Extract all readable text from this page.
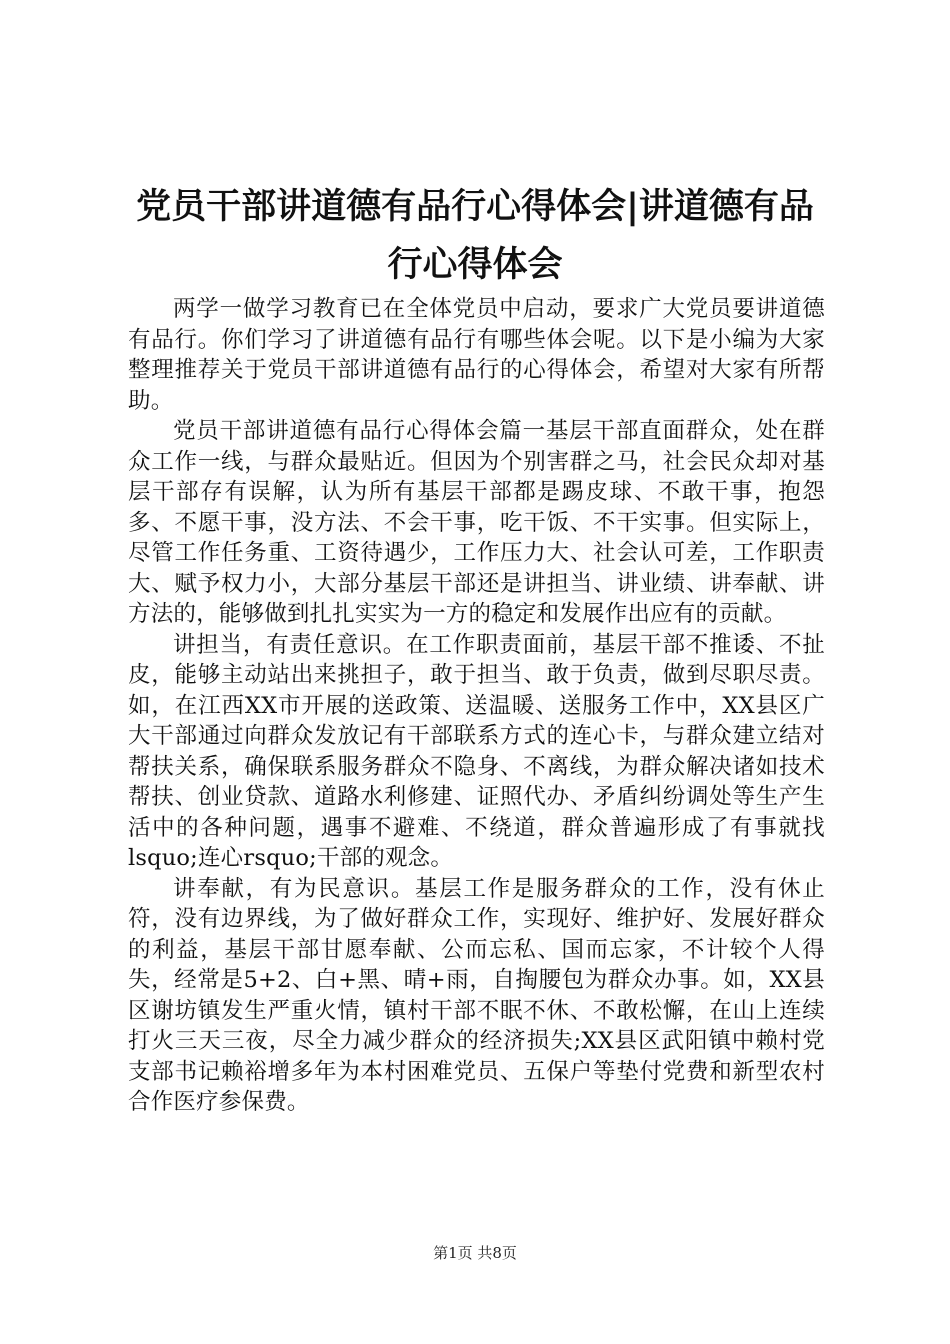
党员干部讲道德有品行心得体会|讲道德有品行心得体会

两学一做学习教育已在全体党员中启动，要求广大党员要讲道德有品行。你们学习了讲道德有品行有哪些体会呢。以下是小编为大家整理推荐关于党员干部讲道德有品行的心得体会，希望对大家有所帮助。

党员干部讲道德有品行心得体会篇一基层干部直面群众，处在群众工作一线，与群众最贴近。但因为个别害群之马，社会民众却对基层干部存有误解，认为所有基层干部都是踢皮球、不敢干事，抱怨多、不愿干事，没方法、不会干事，吃干饭、不干实事。但实际上，尽管工作任务重、工资待遇少，工作压力大、社会认可差，工作职责大、赋予权力小，大部分基层干部还是讲担当、讲业绩、讲奉献、讲方法的，能够做到扎扎实实为一方的稳定和发展作出应有的贡献。

讲担当，有责任意识。在工作职责面前，基层干部不推诿、不扯皮，能够主动站出来挑担子，敢于担当、敢于负责，做到尽职尽责。如，在江西XX市开展的送政策、送温暖、送服务工作中，XX县区广大干部通过向群众发放记有干部联系方式的连心卡，与群众建立结对帮扶关系，确保联系服务群众不隐身、不离线，为群众解决诸如技术帮扶、创业贷款、道路水利修建、证照代办、矛盾纠纷调处等生产生活中的各种问题，遇事不避难、不绕道，群众普遍形成了有事就找lsquo;连心rsquo;干部的观念。

讲奉献，有为民意识。基层工作是服务群众的工作，没有休止符，没有边界线，为了做好群众工作，实现好、维护好、发展好群众的利益，基层干部甘愿奉献、公而忘私、国而忘家，不计较个人得失，经常是5+2、白+黑、晴+雨，自掏腰包为群众办事。如，XX县区谢坊镇发生严重火情，镇村干部不眠不休、不敢松懈，在山上连续打火三天三夜，尽全力减少群众的经济损失;XX县区武阳镇中赖村党支部书记赖裕增多年为本村困难党员、五保户等垫付党费和新型农村合作医疗参保费。

第1页 共8页
